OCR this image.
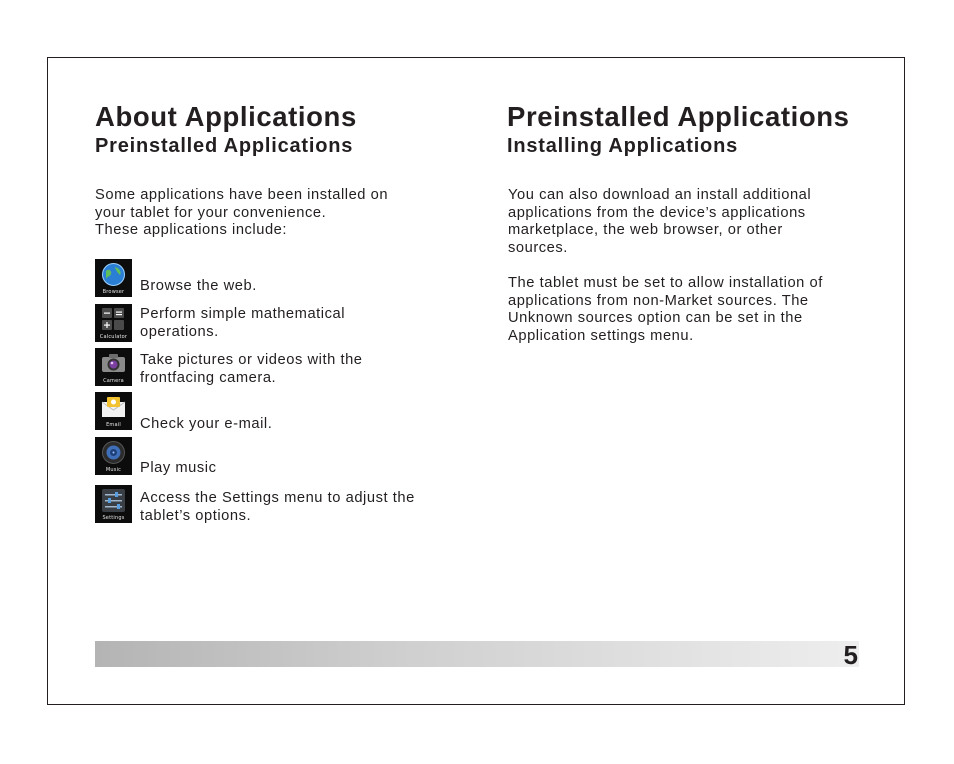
About Applications
Preinstalled Applications

Some applications have been installed on
your tablet for your convenience.
These applications include:

Browser	Browse the web.
Calculator
Perform simple mathematical
operations.
Camera
Take pictures or videos with the
frontfacing camera.
Email	Check your e-mail.
Music	Play music
Settings
Access the Settings menu to adjust the
tablet’s options.
Preinstalled Applications
Installing Applications

You can also download an install additional
applications from the device’s applications
marketplace, the web browser, or other
sources.

The tablet must be set to allow installation of
applications from non-Market sources. The
Unknown sources option can be set in the
Application settings menu.

5
